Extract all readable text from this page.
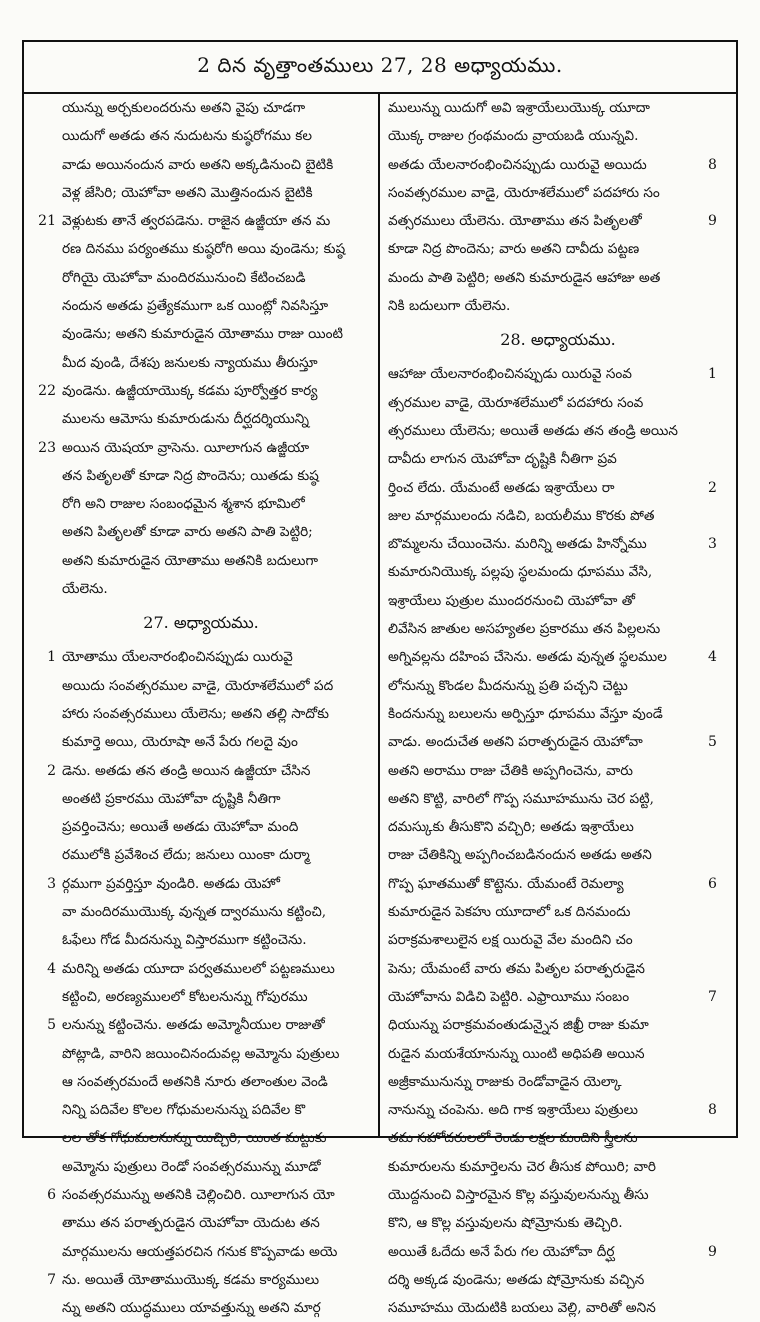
2 దిన వృత్తాంతములు 27, 28 అధ్యాయము.
యున్ను అర్చకులందరును అతని వైపు చూడగా
యిదుగో అతడు తన నుదుటను కుష్ఠరోగము కల
వాడు అయినందున వారు అతని అక్కడినుంచి బైటికి
వెళ్ల జేసిరి; యెహోవా అతని మొత్తినందున బైటికి
వెళ్లుటకు తానే త్వరపడెను. రాజైన ఉజ్జీయా తన మ
21
రణ దినము పర్యంతము కుష్ఠరోగి అయి వుండెను; కుష్ఠ
రోగియై యెహోవా మందిరమునుంచి కేటించబడి
నందున అతడు ప్రత్యేకముగా ఒక యింట్లో నివసిస్తూ
వుండెను; అతని కుమారుడైన యోతాము రాజు యింటి
మీద వుండి, దేశపు జనులకు న్యాయము తీరుస్తూ
వుండెను. ఉజ్జీయాయొక్క కడమ పూర్వోత్తర కార్య
22
ములను ఆమోసు కుమారుడును దీర్ఘదర్శియున్ని
అయిన యెషయా వ్రాసెను. యీలాగున ఉజ్జీయా
23
తన పితృలతో కూడా నిద్ర పొందెను; యితడు కుష్ఠ
రోగి అని రాజుల సంబంధమైన శ్మశాన భూమిలో
అతని పితృలతో కూడా వారు అతని పాతి పెట్టిరి;
అతని కుమారుడైన యోతాము అతనికి బదులుగా
యేలెను.
27. అధ్యాయము.
యోతాము యేలనారంభించినప్పుడు యిరువై
1
అయిదు సంవత్సరముల వాడై, యెరూశలేములో పద
హారు సంవత్సరములు యేలెను; అతని తల్లి సాదోకు
కుమార్తె అయి, యెరూషా అనే పేరు గలదై వుం
డెను. అతడు తన తండ్రి అయిన ఉజ్జీయా చేసిన
2
అంతటి ప్రకారము యెహోవా దృష్టికి నీతిగా
ప్రవర్తించెను; అయితే అతడు యెహోవా మంది
రములోకి ప్రవేశించ లేదు; జనులు యింకా దుర్మా
ర్గముగా ప్రవర్తిస్తూ వుండిరి. అతడు యెహో
3
వా మందిరముయొక్క వున్నత ద్వారమును కట్టించి,
ఓఫేలు గోడ మీదనున్ను విస్తారముగా కట్టించెను.
మరిన్ని అతడు యూదా పర్వతములలో పట్టణములు
4
కట్టించి, అరణ్యములలో కోటలనున్ను గోపురము
లనున్ను కట్టించెను. అతడు అమ్మోనీయుల రాజుతో
5
పోట్లాడి, వారిని జయించినందువల్ల అమ్మోను పుత్రులు
ఆ సంవత్సరమందే అతనికి నూరు తలాంతుల వెండి
నిన్ని పదివేల కొలల గోధుమలనున్ను పదివేల కొ
లల తోక గోధుమలనున్ను యిచ్చిరి; యింత మట్టుకు
అమ్మోను పుత్రులు రెండో సంవత్సరమున్ను మూడో
సంవత్సరమున్ను అతనికి చెల్లించిరి. యీలాగున యో
6
తాము తన పరాత్పరుడైన యెహోవా యెదుట తన
మార్గములను ఆయత్తపరచిన గనుక కొప్పవాడు అయె
ను. అయితే యోతాముయొక్క కడమ కార్యములు
7
న్ను అతని యుద్ధములు యావత్తున్ను అతని మార్గ
ములున్ను యిదుగో అవి ఇశ్రాయేలుయొక్క యూదా
యొక్క రాజుల గ్రంథమందు వ్రాయబడి యున్నవి.
అతడు యేలనారంభించినప్పుడు యిరువై అయిదు	8
సంవత్సరముల వాడై, యెరూశలేములో పదహారు సం
వత్సరములు యేలెను. యోతాము తన పితృలతో	9
కూడా నిద్ర పొందెను; వారు అతని దావీదు పట్టణ
మందు పాతి పెట్టిరి; అతని కుమారుడైన ఆహాజు అత
నికి బదులుగా యేలెను.
28. అధ్యాయము.
ఆహాజు యేలనారంభించినప్పుడు యిరువై సంవ	1
త్సరముల వాడై, యెరూశలేములో పదహారు సంవ
త్సరములు యేలెను; అయితే అతడు తన తండ్రి అయిన
దావీదు లాగున యెహోవా దృష్టికి నీతిగా ప్రవ
ర్తించ లేదు. యేమంటే అతడు ఇశ్రాయేలు రా	2
జుల మార్గములందు నడిచి, బయలీము కొరకు పోత
బొమ్మలను చేయించెను. మరిన్ని అతడు హిన్నోము	3
కుమారునియొక్క పల్లపు స్థలమందు ధూపము వేసి,
ఇశ్రాయేలు పుత్రుల ముందరనుంచి యెహోవా తో
లివేసిన జాతుల అసహ్యతల ప్రకారము తన పిల్లలను
అగ్నివల్లను దహింప చేసెను. అతడు వున్నత స్థలముల	4
లోనున్ను కొండల మీదనున్ను ప్రతి పచ్చని చెట్టు
కిందనున్ను బలులను అర్పిస్తూ ధూపము వేస్తూ వుండే
వాడు. అందుచేత అతని పరాత్పరుడైన యెహోవా	5
అతని అరాము రాజు చేతికి అప్పగించెను, వారు
అతని కొట్టి, వారిలో గొప్ప సమూహమును చెర పట్టి,
దమస్కుకు తీసుకొని వచ్చిరి; అతడు ఇశ్రాయేలు
రాజు చేతికిన్ని అప్పగించబడినందున అతడు అతని
గొప్ప ఘాతముతో కొట్టెను. యేమంటే రెమల్యా	6
కుమారుడైన పెకహు యూదాలో ఒక దినమందు
పరాక్రమశాలులైన లక్ష యిరువై వేల మందిని చం
పెను; యేమంటే వారు తమ పితృల పరాత్పరుడైన
యెహోవాను విడిచి పెట్టిరి. ఎఫ్రాయీము సంబం	7
ధియున్ను పరాక్రమవంతుడున్నైన జిఖ్రీ రాజు కుమా
రుడైన మయశేయానున్ను యింటి అధిపతి అయిన
అజ్రీకామునున్ను రాజుకు రెండోవాడైన యెల్కా
నానున్ను చంపెను. అది గాక ఇశ్రాయేలు పుత్రులు	8
తమ సహోదరులలో రెండు లక్షల మందిని స్త్రీలను
కుమారులను కుమార్తెలను చెర తీసుక పోయిరి; వారి
యొద్దనుంచి విస్తారమైన కొల్ల వస్తువులనున్ను తీసు
కొని, ఆ కొల్ల వస్తువులను షోమ్రోనుకు తెచ్చిరి.
అయితే ఓదేదు అనే పేరు గల యెహోవా దీర్ఘ	9
దర్శి అక్కడ వుండెను; అతడు షోమ్రోనుకు వచ్చిన
సమూహము యెదుటికి బయలు వెల్లి, వారితో అనిన
